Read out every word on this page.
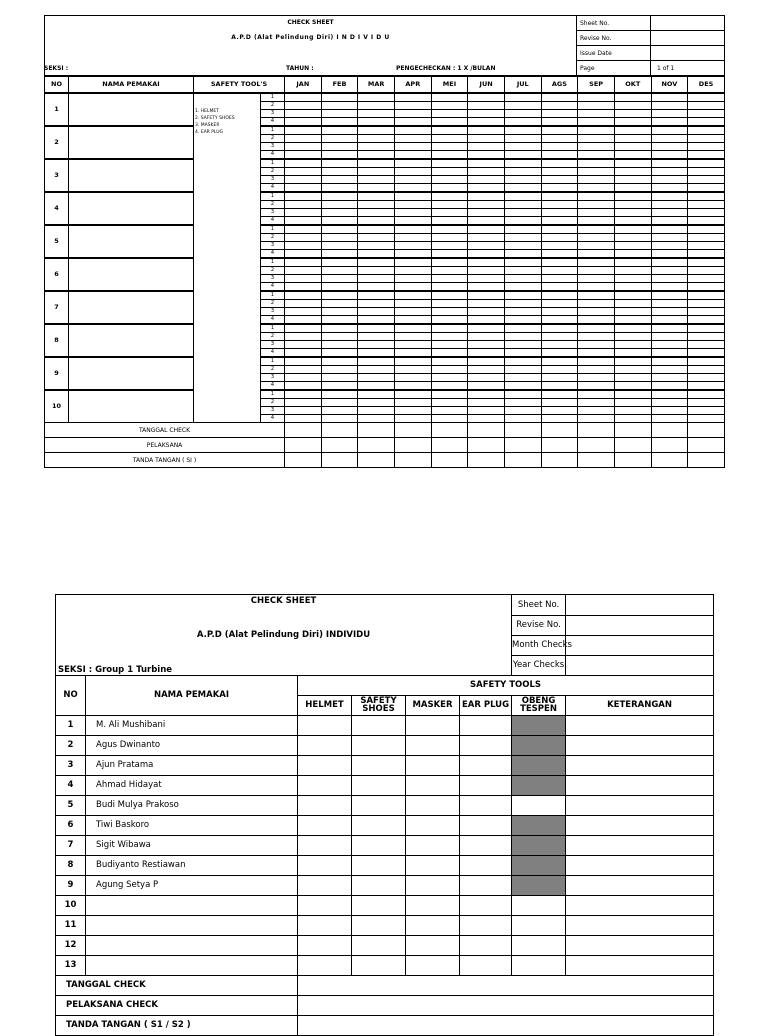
CHECK SHEET	Sheet No.	
A.P.D (Alat Pelindung Diri) I N D I V I D U	Revise No.	
	Issue Date	
	Page	1 of 1
SEKSI :	TAHUN :	PENGECHECKAN : 1 X /BULAN
NO	NAMA PEMAKAI	SAFETY TOOL'S		JAN	FEB	MAR	APR	MEI	JUN	JUL	AGS	SEP	OKT	NOV	DES
1		1. HELMET
2. SAFETY SHOES
3. MASKER
4. EAR PLUG	1												
			2												
			3												
			4												
2			1												
			2												
			3												
			4												
3			1												
			2												
			3												
			4												
4			1												
			2												
			3												
			4												
5			1												
			2												
			3												
			4												
6			1												
			2												
			3												
			4												
7			1												
			2												
			3												
			4												
8			1												
			2												
			3												
			4												
9			1												
			2												
			3												
			4												
10			1												
			2												
			3												
			4												
TANGGAL CHECK															
PELAKSANA															
TANDA TANGAN ( SI )															
CHECK SHEET						Sheet No.	
A.P.D (Alat Pelindung Diri) INDIVIDU						Revise No.	
						Month Checks	
SEKSI : Group 1 Turbine						Year Checks	
NO	NAMA PEMAKAI	SAFETY TOOLS					
		HELMET	SAFETY SHOES	MASKER	EAR PLUG	OBENG TESPEN	KETERANGAN
1	M. Ali Mushibani						
2	Agus Dwinanto						
3	Ajun Pratama						
4	Ahmad Hidayat						
5	Budi Mulya Prakoso						
6	Tiwi Baskoro						
7	Sigit Wibawa						
8	Budiyanto Restiawan						
9	Agung Setya P						
10							
11							
12							
13							
TANGGAL CHECK							
PELAKSANA CHECK							
TANDA TANGAN ( S1 / S2 )							
